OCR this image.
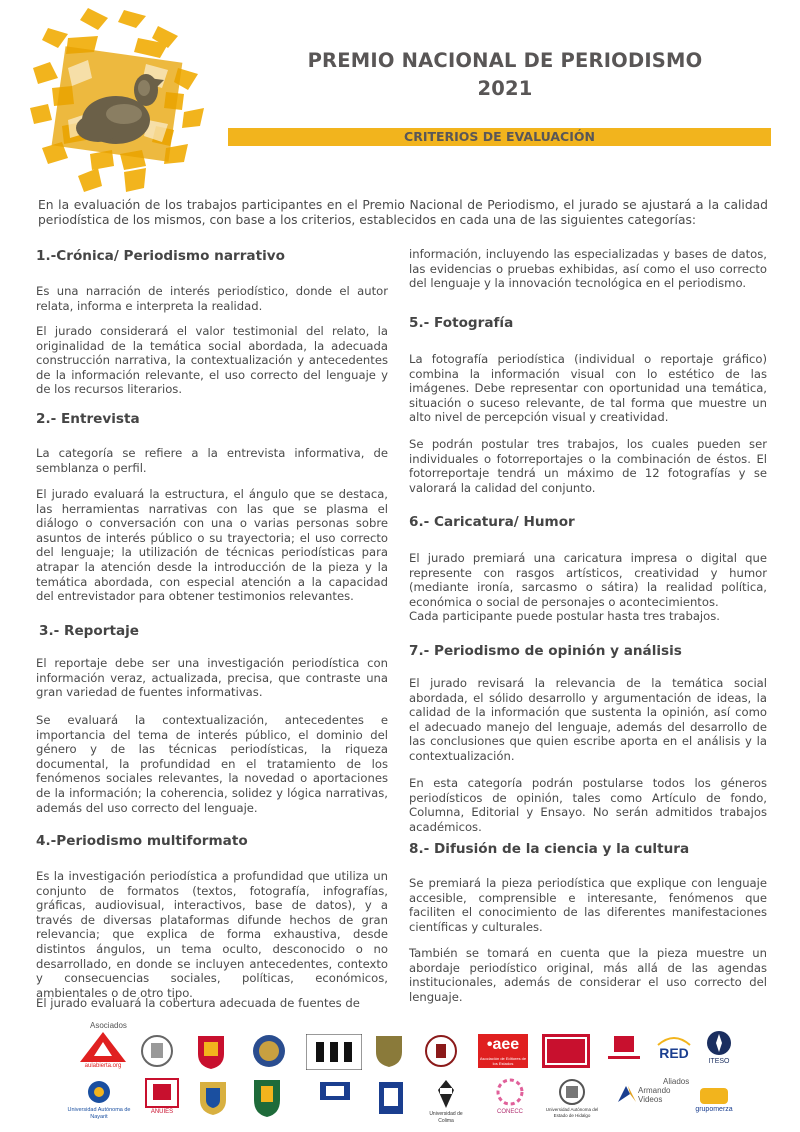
PREMIO NACIONAL DE PERIODISMO
2021
CRITERIOS DE EVALUACIÓN

En la evaluación de los trabajos participantes en el Premio Nacional de Periodismo, el jurado se ajustará a la calidad periodística de los mismos, con base a los criterios, establecidos en cada una de las siguientes categorías:

1.-Crónica/ Periodismo narrativo

Es una narración de interés periodístico, donde el autor relata, informa e interpreta la realidad.

El jurado considerará el valor testimonial del relato, la originalidad de la temática social abordada, la adecuada construcción narrativa, la contextualización y antecedentes de la información relevante, el uso correcto del lenguaje y de los recursos literarios.

2.- Entrevista

La categoría se refiere a la entrevista informativa, de semblanza o perfil.

El jurado evaluará la estructura, el ángulo que se destaca, las herramientas narrativas con las que se plasma el diálogo o conversación con una o varias personas sobre asuntos de interés público o su trayectoria; el uso correcto del lenguaje; la utilización de técnicas periodísticas para atrapar la atención desde la introducción de la pieza y la temática abordada, con especial atención a la capacidad del entrevistador para obtener testimonios relevantes.

3.- Reportaje

El reportaje debe ser una investigación periodística con información veraz, actualizada, precisa, que contraste una gran variedad de fuentes informativas.

Se evaluará la contextualización, antecedentes e importancia del tema de interés público, el dominio del género y de las técnicas periodísticas, la riqueza documental, la profundidad en el tratamiento de los fenómenos sociales relevantes, la novedad o aportaciones de la información; la coherencia, solidez y lógica narrativas, además del uso correcto del lenguaje.

4.-Periodismo multiformato

Es la investigación periodística a profundidad que utiliza un conjunto de formatos (textos, fotografía, infografías, gráficas, audiovisual, interactivos, base de datos), y a través de diversas plataformas difunde hechos de gran relevancia; que explica de forma exhaustiva, desde distintos ángulos, un tema oculto, desconocido o no desarrollado, en donde se incluyen antecedentes, contexto y consecuencias sociales, políticas, económicos, ambientales o de otro tipo.

El jurado evaluará la cobertura adecuada de fuentes de

información, incluyendo las especializadas y bases de datos, las evidencias o pruebas exhibidas, así como el uso correcto del lenguaje y la innovación tecnológica en el periodismo.

5.- Fotografía

La fotografía periodística (individual o reportaje gráfico) combina la información visual con lo estético de las imágenes. Debe representar con oportunidad una temática, situación o suceso relevante, de tal forma que muestre un alto nivel de percepción visual y creatividad.

Se podrán postular tres trabajos, los cuales pueden ser individuales o fotorreportajes o la combinación de éstos. El fotorreportaje tendrá un máximo de 12 fotografías y se valorará la calidad del conjunto.

6.- Caricatura/ Humor

El jurado premiará una caricatura impresa o digital que represente con rasgos artísticos, creatividad y humor (mediante ironía, sarcasmo o sátira) la realidad política, económica o social de personajes o acontecimientos.

Cada participante puede postular hasta tres trabajos.

7.- Periodismo de opinión y análisis

El jurado revisará la relevancia de la temática social abordada, el sólido desarrollo y argumentación de ideas, la calidad de la información que sustenta la opinión, así como el adecuado manejo del lenguaje, además del desarrollo de las conclusiones que quien escribe aporta en el análisis y la contextualización.

En esta categoría podrán postularse todos los géneros periodísticos de opinión, tales como Artículo de fondo, Columna, Editorial y Ensayo. No serán admitidos trabajos académicos.

8.- Difusión de la ciencia y la cultura

Se premiará la pieza periodística que explique con lenguaje accesible, comprensible e interesante, fenómenos que faciliten el conocimiento de las diferentes manifestaciones científicas y culturales.

También se tomará en cuenta que la pieza muestre un abordaje periodístico original, más allá de las agendas institucionales, además de considerar el uso correcto del lenguaje.

Asociados
Aliados
aulabierta.org
•aee
Asociación de Editores de los Estados
RED
ITESO
Universidad Autónoma de Nayarit
ANUIES	Universidad de Colima
CONECC	Universidad Autónoma del Estado de Hidalgo
Armando Videos
grupomerza
